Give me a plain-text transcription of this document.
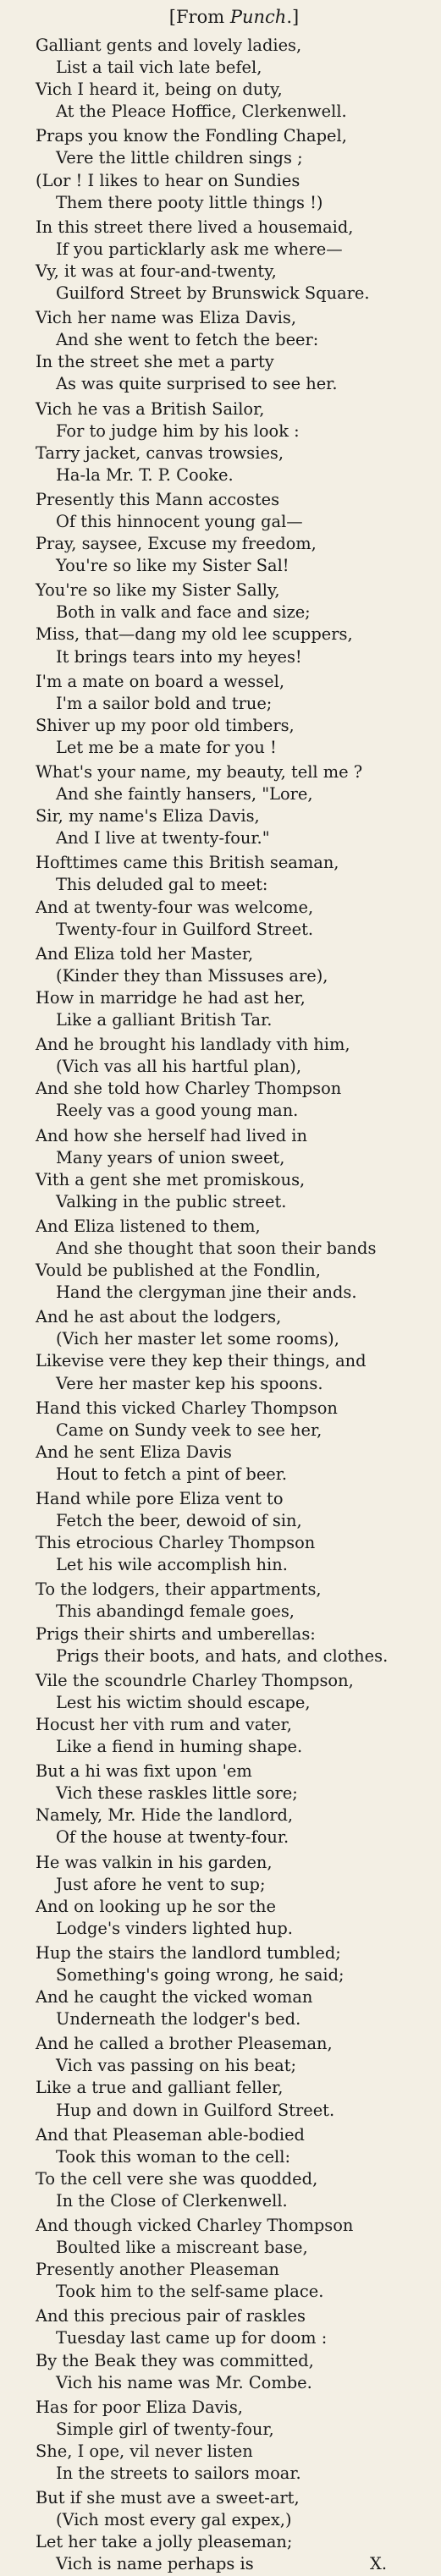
[From Punch.]
Galliant gents and lovely ladies,
List a tail vich late befel,
Vich I heard it, being on duty,
At the Pleace Hoffice, Clerkenwell.
Praps you know the Fondling Chapel,
Vere the little children sings ;
(Lor ! I likes to hear on Sundies
Them there pooty little things !)
In this street there lived a housemaid,
If you particklarly ask me where—
Vy, it was at four-and-twenty,
Guilford Street by Brunswick Square.
Vich her name was Eliza Davis,
And she went to fetch the beer:
In the street she met a party
As was quite surprised to see her.
Vich he vas a British Sailor,
For to judge him by his look :
Tarry jacket, canvas trowsies,
Ha-la Mr. T. P. Cooke.
Presently this Mann accostes
Of this hinnocent young gal—
Pray, saysee, Excuse my freedom,
You're so like my Sister Sal!
You're so like my Sister Sally,
Both in valk and face and size;
Miss, that—dang my old lee scuppers,
It brings tears into my heyes!
I'm a mate on board a wessel,
I'm a sailor bold and true;
Shiver up my poor old timbers,
Let me be a mate for you !
What's your name, my beauty, tell me ?
And she faintly hansers, "Lore,
Sir, my name's Eliza Davis,
And I live at twenty-four."
Hofttimes came this British seaman,
This deluded gal to meet:
And at twenty-four was welcome,
Twenty-four in Guilford Street.
And Eliza told her Master,
(Kinder they than Missuses are),
How in marridge he had ast her,
Like a galliant British Tar.
And he brought his landlady vith him,
(Vich vas all his hartful plan),
And she told how Charley Thompson
Reely vas a good young man.
And how she herself had lived in
Many years of union sweet,
Vith a gent she met promiskous,
Valking in the public street.
And Eliza listened to them,
And she thought that soon their bands
Vould be published at the Fondlin,
Hand the clergyman jine their ands.
And he ast about the lodgers,
(Vich her master let some rooms),
Likevise vere they kep their things, and
Vere her master kep his spoons.
Hand this vicked Charley Thompson
Came on Sundy veek to see her,
And he sent Eliza Davis
Hout to fetch a pint of beer.
Hand while pore Eliza vent to
Fetch the beer, dewoid of sin,
This etrocious Charley Thompson
Let his wile accomplish hin.
To the lodgers, their appartments,
This abandingd female goes,
Prigs their shirts and umberellas:
Prigs their boots, and hats, and clothes.
Vile the scoundrle Charley Thompson,
Lest his wictim should escape,
Hocust her vith rum and vater,
Like a fiend in huming shape.
But a hi was fixt upon 'em
Vich these raskles little sore;
Namely, Mr. Hide the landlord,
Of the house at twenty-four.
He was valkin in his garden,
Just afore he vent to sup;
And on looking up he sor the
Lodge's vinders lighted hup.
Hup the stairs the landlord tumbled;
Something's going wrong, he said;
And he caught the vicked woman
Underneath the lodger's bed.
And he called a brother Pleaseman,
Vich vas passing on his beat;
Like a true and galliant feller,
Hup and down in Guilford Street.
And that Pleaseman able-bodied
Took this woman to the cell:
To the cell vere she was quodded,
In the Close of Clerkenwell.
And though vicked Charley Thompson
Boulted like a miscreant base,
Presently another Pleaseman
Took him to the self-same place.
And this precious pair of raskles
Tuesday last came up for doom :
By the Beak they was committed,
Vich his name was Mr. Combe.
Has for poor Eliza Davis,
Simple girl of twenty-four,
She, I ope, vil never listen
In the streets to sailors moar.
But if she must ave a sweet-art,
(Vich most every gal expex,)
Let her take a jolly pleaseman;
Vich is name perhaps is	X.
